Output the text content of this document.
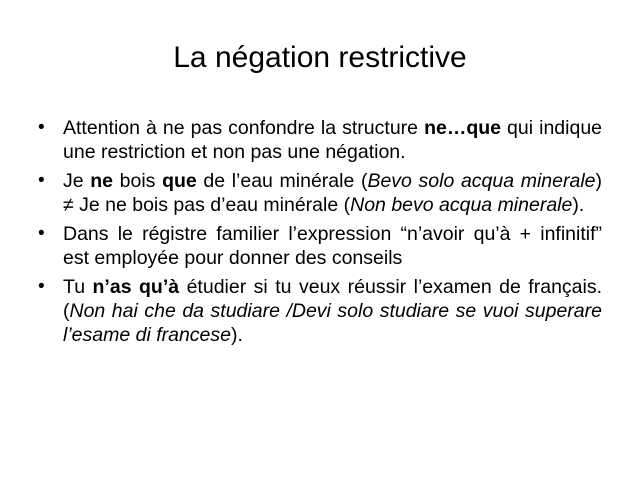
La négation restrictive
• Attention à ne pas confondre la structure ne…que qui indique une restriction et non pas une négation.
• Je ne bois que de l’eau minérale (Bevo solo acqua minerale) ≠ Je ne bois pas d’eau minérale (Non bevo acqua minerale).
• Dans le régistre familier l’expression “n’avoir qu’à + infinitif” est employée pour donner des conseils
• Tu n’as qu’à étudier si tu veux réussir l’examen de français. (Non hai che da studiare /Devi solo studiare se vuoi superare l’esame di francese).
